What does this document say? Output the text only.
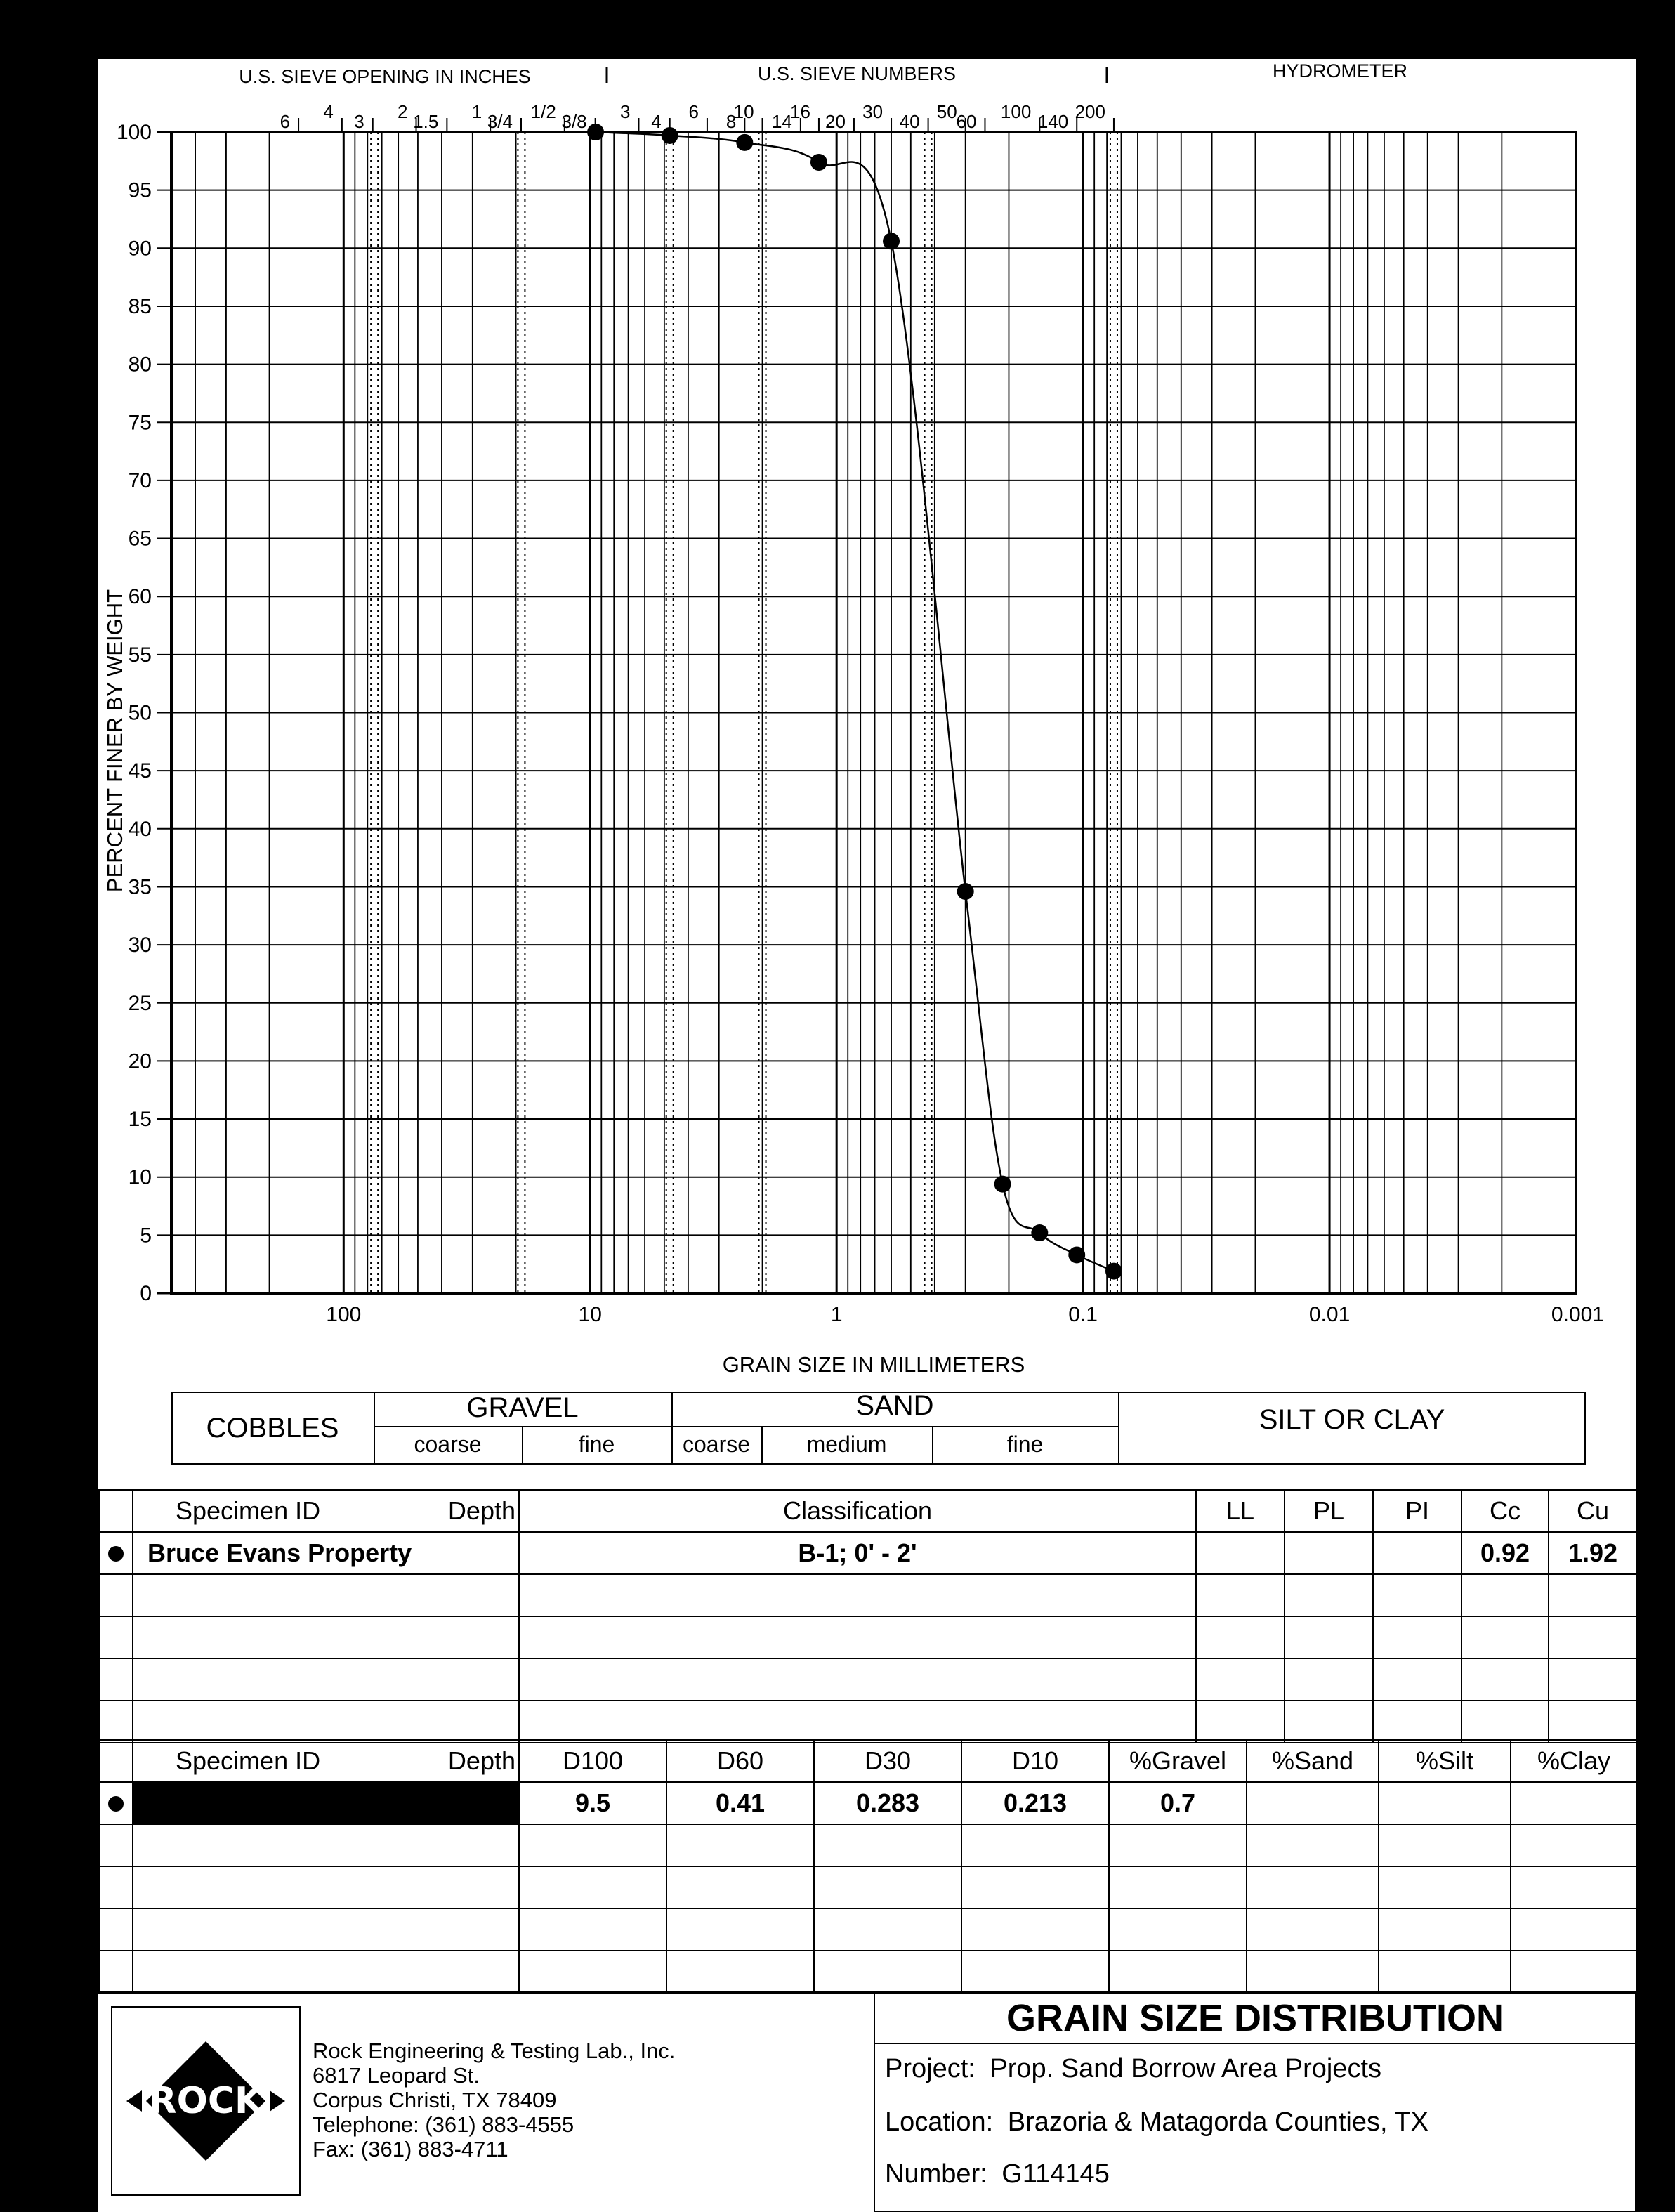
0
5
10
15
20
25
30
35
40
45
50
55
60
65
70
75
80
85
90
95
100
100	10	1	0.1	0.01	0.001
GRAIN SIZE IN MILLIMETERS
PERCENT FINER BY WEIGHT
U.S. SIEVE OPENING IN INCHES	U.S. SIEVE NUMBERS	HYDROMETER
6 4 3 2 1.5 1 3/4 1/2 3/8 3 4 6 8
10 14
16 20 30 40 50
60 100 140 200
COBBLES
GRAVEL	SAND	SILT OR CLAY
coarse	fine	coarse	medium	fine

	Specimen ID Depth	Classification	LL	PL	PI	Cc	Cu
	Bruce Evans Property	B-1; 0' - 2'				0.92	1.92

	Specimen ID Depth	D100	D60	D30	D10	%Gravel	%Sand	%Silt	%Clay
		9.5	0.41	0.283	0.213	0.7			

ROCK
Rock Engineering & Testing Lab., Inc.
6817 Leopard St.
Corpus Christi, TX 78409
Telephone: (361) 883-4555
Fax: (361) 883-4711
GRAIN SIZE DISTRIBUTION
Project: Prop. Sand Borrow Area Projects
Location: Brazoria & Matagorda Counties, TX
Number: G114145
